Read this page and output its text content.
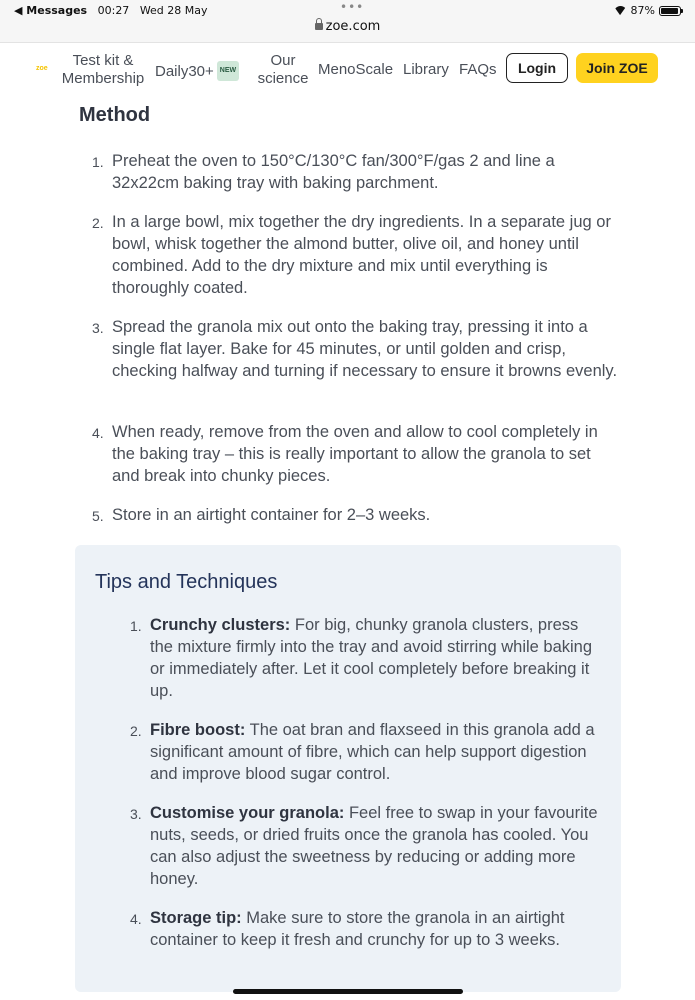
◀ Messages 00:27 Wed 28 May	•••
zoe.com
87%
zoe	Test kit & Membership Daily30+ NEW
Our science
MenoScale Library FAQs	Login	Join ZOE
Method
1. Preheat the oven to 150°C/130°C fan/300°F/gas 2 and line a 32x22cm baking tray with baking parchment.
2. In a large bowl, mix together the dry ingredients. In a separate jug or bowl, whisk together the almond butter, olive oil, and honey until combined. Add to the dry mixture and mix until everything is thoroughly coated.
3. Spread the granola mix out onto the baking tray, pressing it into a single flat layer. Bake for 45 minutes, or until golden and crisp, checking halfway and turning if necessary to ensure it browns evenly.
4. When ready, remove from the oven and allow to cool completely in the baking tray – this is really important to allow the granola to set and break into chunky pieces.
5. Store in an airtight container for 2–3 weeks.
Tips and Techniques
1. Crunchy clusters: For big, chunky granola clusters, press the mixture firmly into the tray and avoid stirring while baking or immediately after. Let it cool completely before breaking it up.
2. Fibre boost: The oat bran and flaxseed in this granola add a significant amount of fibre, which can help support digestion and improve blood sugar control.
3. Customise your granola: Feel free to swap in your favourite nuts, seeds, or dried fruits once the granola has cooled. You can also adjust the sweetness by reducing or adding more honey.
4. Storage tip: Make sure to store the granola in an airtight container to keep it fresh and crunchy for up to 3 weeks.
